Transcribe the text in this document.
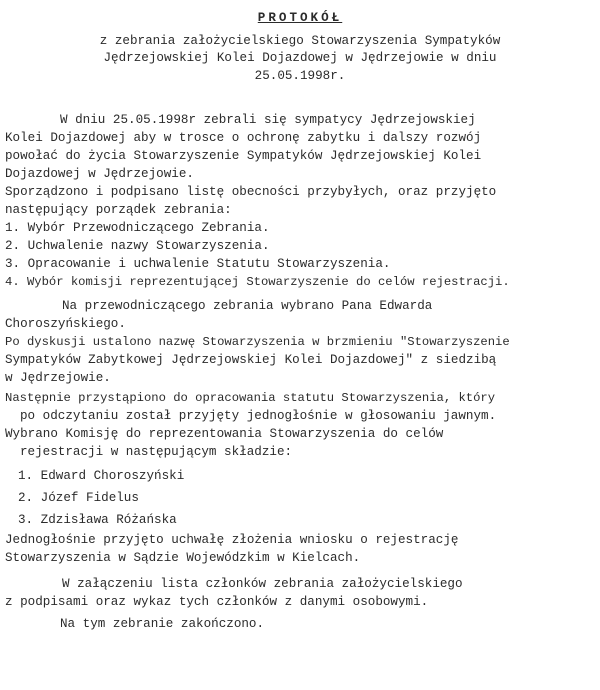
PROTOKÓŁ
z zebrania założycielskiego Stowarzyszenia Sympatyków
Jędrzejowskiej Kolei Dojazdowej w Jędrzejowie w dniu
25.05.1998r.
W dniu 25.05.1998r zebrali się sympatycy Jędrzejowskiej
Kolei Dojazdowej aby w trosce o ochronę zabytku i dalszy rozwój
powołać do życia Stowarzyszenie Sympatyków Jędrzejowskiej Kolei
Dojazdowej w Jędrzejowie.
Sporządzono i podpisano listę obecności przybyłych, oraz przyjęto
następujący porządek zebrania:
1. Wybór Przewodniczącego Zebrania.
2. Uchwalenie nazwy Stowarzyszenia.
3. Opracowanie i uchwalenie Statutu Stowarzyszenia.
4. Wybór komisji reprezentującej Stowarzyszenie do celów rejestracji.
Na przewodniczącego zebrania wybrano Pana Edwarda
Choroszyńskiego.
Po dyskusji ustalono nazwę Stowarzyszenia w brzmieniu "Stowarzyszenie
Sympatyków Zabytkowej Jędrzejowskiej Kolei Dojazdowej" z siedzibą
w Jędrzejowie.
Następnie przystąpiono do opracowania statutu Stowarzyszenia, który
po odczytaniu został przyjęty jednogłośnie w głosowaniu jawnym.
Wybrano Komisję do reprezentowania Stowarzyszenia do celów
rejestracji w następującym składzie:
1. Edward Choroszyński
2. Józef Fidelus
3. Zdzisława Różańska
Jednogłośnie przyjęto uchwałę złożenia wniosku o rejestrację
Stowarzyszenia w Sądzie Wojewódzkim w Kielcach.
W załączeniu lista członków zebrania założycielskiego
z podpisami oraz wykaz tych członków z danymi osobowymi.
Na tym zebranie zakończono.
